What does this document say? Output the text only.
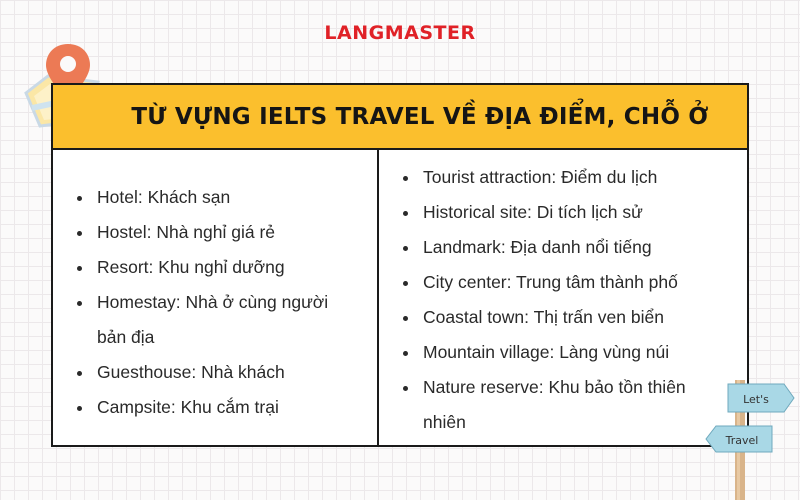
LANGMASTER
TỪ VỰNG IELTS TRAVEL VỀ ĐỊA ĐIỂM, CHỖ Ở
Hotel: Khách sạn
Hostel: Nhà nghỉ giá rẻ
Resort: Khu nghỉ dưỡng
Homestay: Nhà ở cùng người bản địa
Guesthouse: Nhà khách
Campsite: Khu cắm trại
Tourist attraction: Điểm du lịch
Historical site: Di tích lịch sử
Landmark: Địa danh nổi tiếng
City center: Trung tâm thành phố
Coastal town: Thị trấn ven biển
Mountain village: Làng vùng núi
Nature reserve: Khu bảo tồn thiên nhiên
Let's
Travel
